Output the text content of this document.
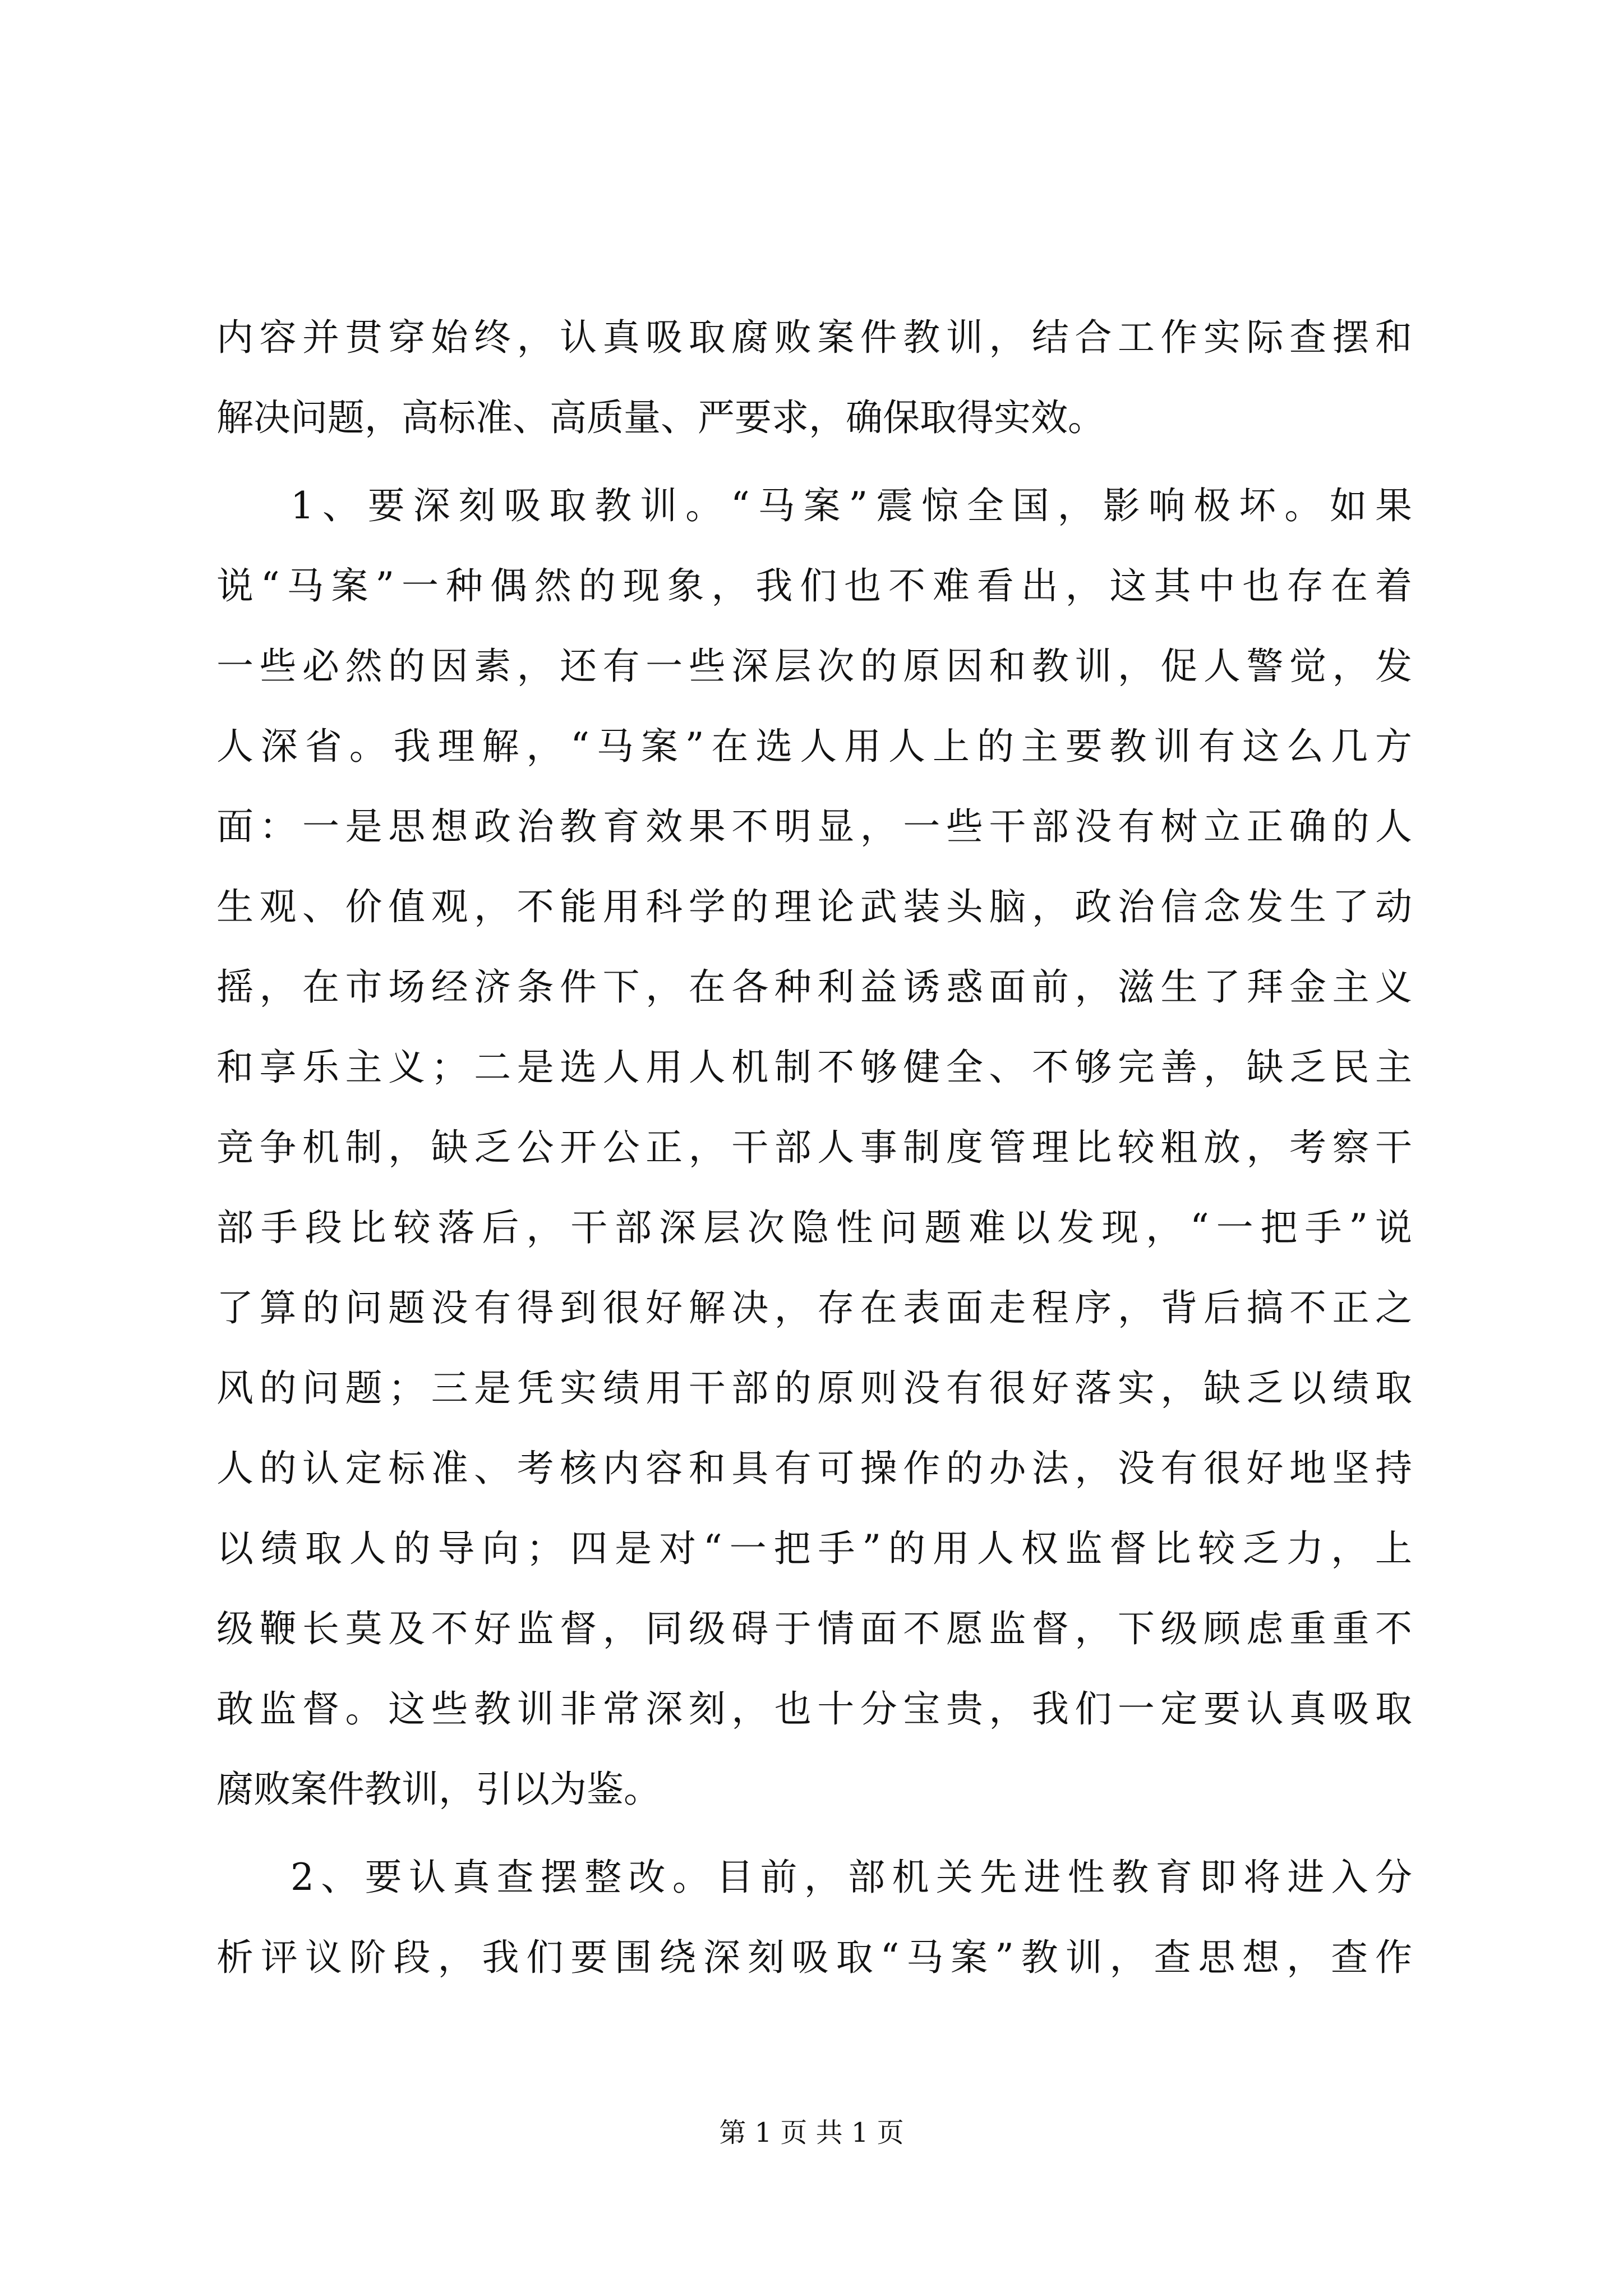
内容并贯穿始终，认真吸取腐败案件教训，结合工作实际查摆和
解决问题，高标准、高质量、严要求，确保取得实效。
1、要深刻吸取教训。“马案”震惊全国，影响极坏。如果
说“马案”一种偶然的现象，我们也不难看出，这其中也存在着
一些必然的因素，还有一些深层次的原因和教训，促人警觉，发
人深省。我理解，“马案”在选人用人上的主要教训有这么几方
面：一是思想政治教育效果不明显，一些干部没有树立正确的人
生观、价值观，不能用科学的理论武装头脑，政治信念发生了动
摇，在市场经济条件下，在各种利益诱惑面前，滋生了拜金主义
和享乐主义；二是选人用人机制不够健全、不够完善，缺乏民主
竞争机制，缺乏公开公正，干部人事制度管理比较粗放，考察干
部手段比较落后，干部深层次隐性问题难以发现，“一把手”说
了算的问题没有得到很好解决，存在表面走程序，背后搞不正之
风的问题；三是凭实绩用干部的原则没有很好落实，缺乏以绩取
人的认定标准、考核内容和具有可操作的办法，没有很好地坚持
以绩取人的导向；四是对“一把手”的用人权监督比较乏力，上
级鞭长莫及不好监督，同级碍于情面不愿监督，下级顾虑重重不
敢监督。这些教训非常深刻，也十分宝贵，我们一定要认真吸取
腐败案件教训，引以为鉴。
2、要认真查摆整改。目前，部机关先进性教育即将进入分
析评议阶段，我们要围绕深刻吸取“马案”教训，查思想，查作
第 1 页 共 1 页
